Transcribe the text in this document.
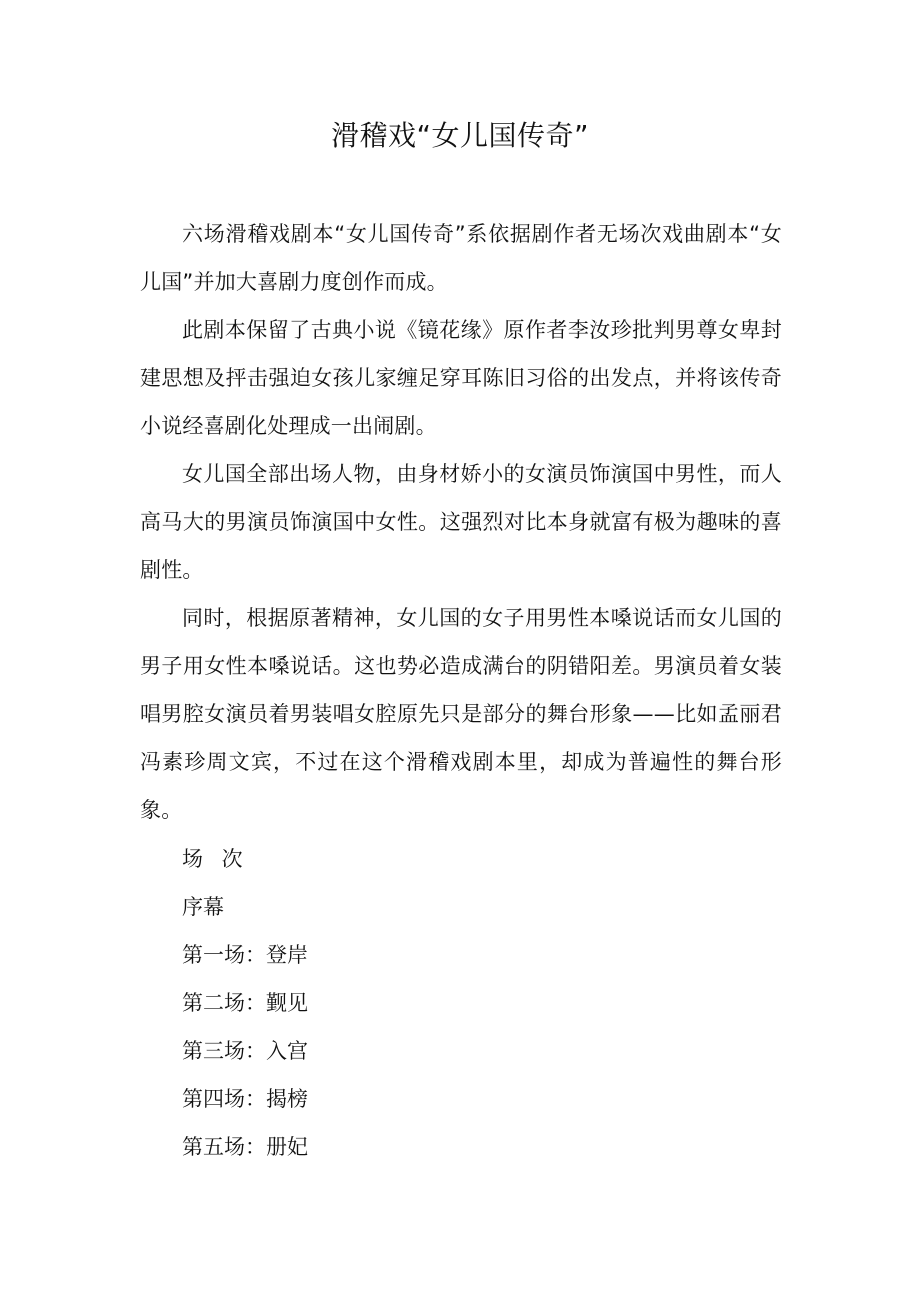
滑稽戏“女儿国传奇”

六场滑稽戏剧本“女儿国传奇”系依据剧作者无场次戏曲剧本“女儿国”并加大喜剧力度创作而成。

此剧本保留了古典小说《镜花缘》原作者李汝珍批判男尊女卑封建思想及抨击强迫女孩儿家缠足穿耳陈旧习俗的出发点，并将该传奇小说经喜剧化处理成一出闹剧。

女儿国全部出场人物，由身材娇小的女演员饰演国中男性，而人高马大的男演员饰演国中女性。这强烈对比本身就富有极为趣味的喜剧性。

同时，根据原著精神，女儿国的女子用男性本嗓说话而女儿国的男子用女性本嗓说话。这也势必造成满台的阴错阳差。男演员着女装唱男腔女演员着男装唱女腔原先只是部分的舞台形象——比如孟丽君冯素珍周文宾，不过在这个滑稽戏剧本里，却成为普遍性的舞台形象。

场 次
序幕
第一场：登岸
第二场：觐见
第三场：入宫
第四场：揭榜
第五场：册妃
